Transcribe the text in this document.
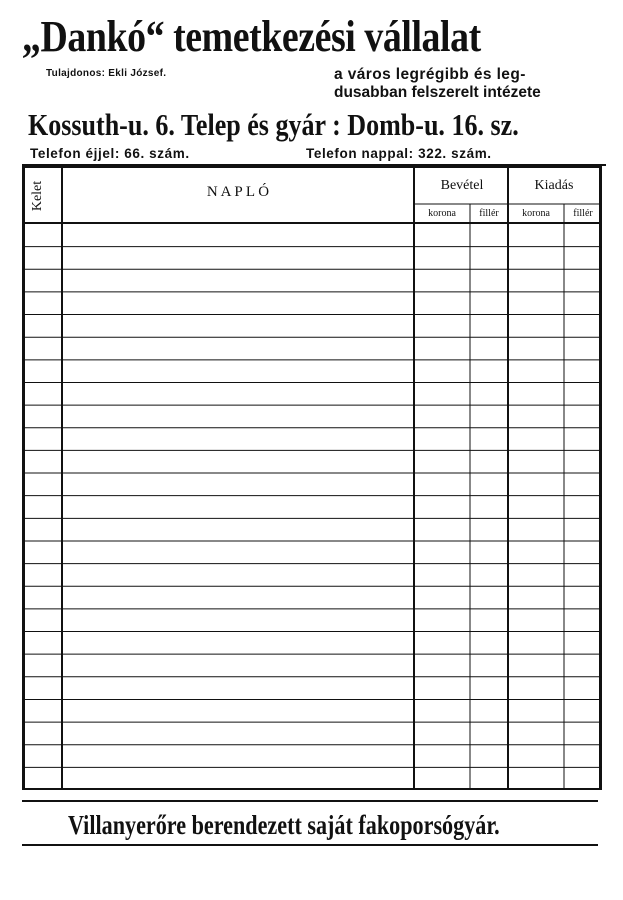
„Dankó“ temetkezési vállalat
Tulajdonos: Ekli József.	a város legrégibb és leg-
dusabban felszerelt intézete
Kossuth-u. 6. Telep és gyár : Domb-u. 16. sz.
Telefon éjjel: 66. szám.	Telefon nappal: 322. szám.
Kelet	N A P L Ó	Bevétel	Kiadás
korona	fillér	korona	fillér
Villanyerőre berendezett saját fakoporsógyár.
